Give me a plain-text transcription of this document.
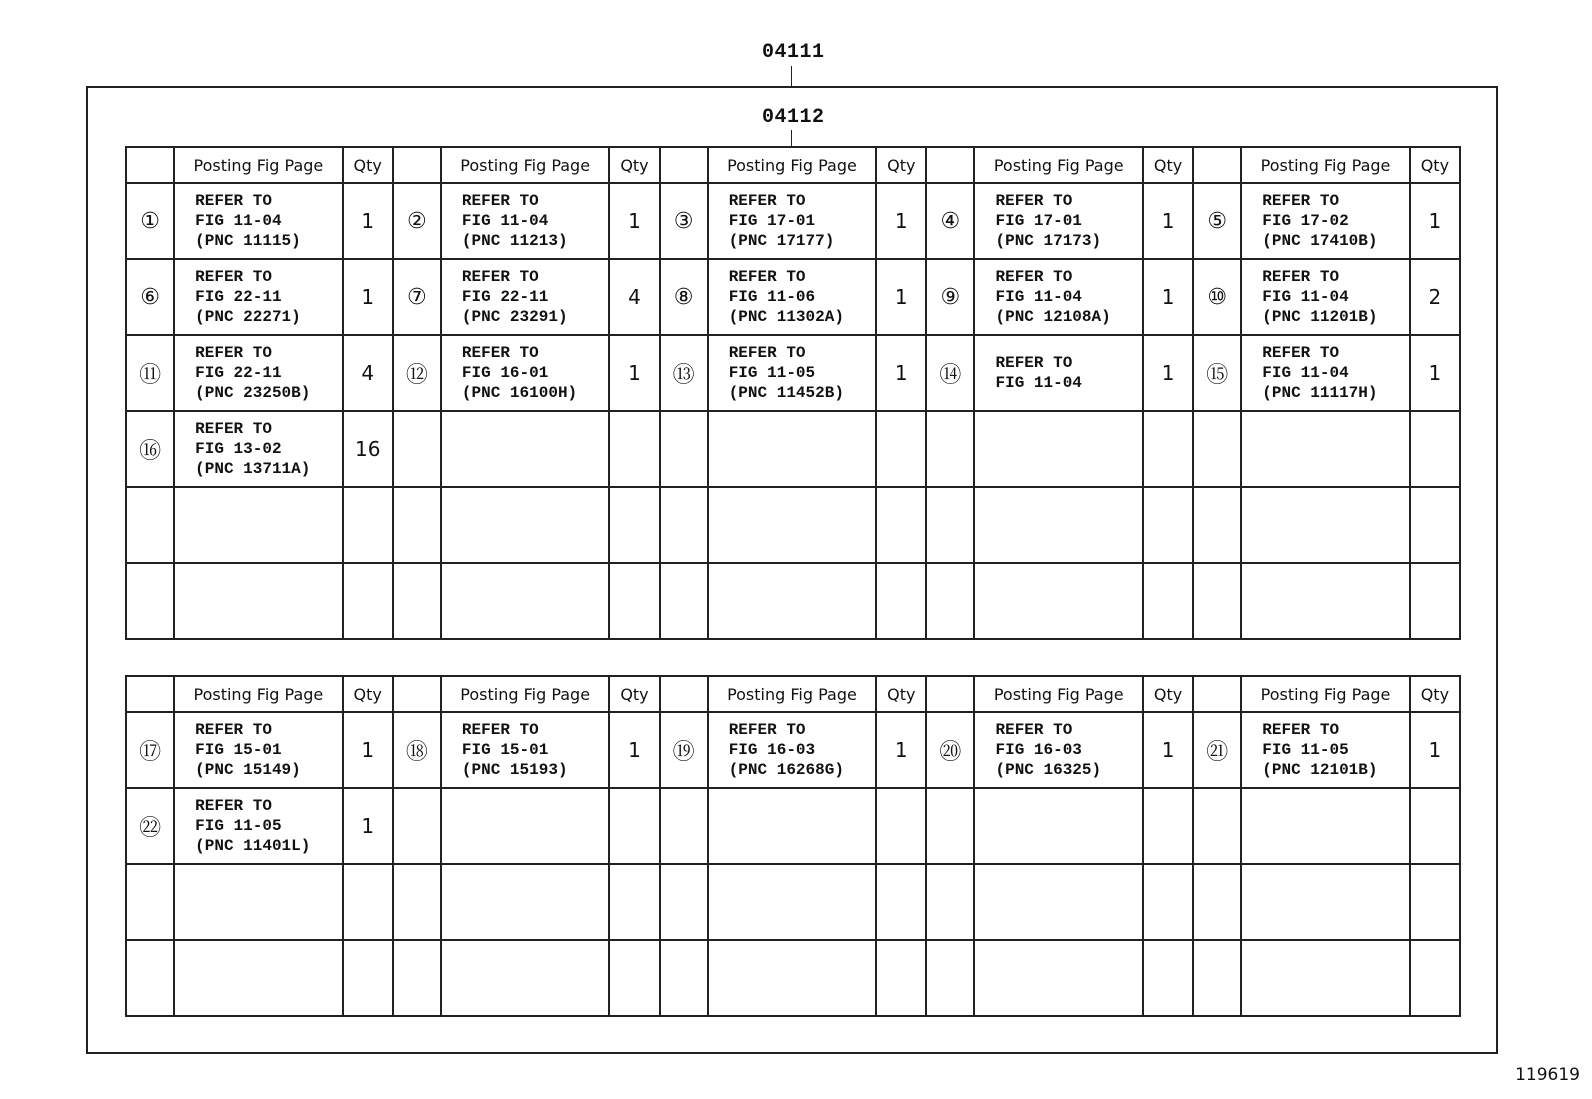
04111
04112
	Posting Fig Page	Qty		Posting Fig Page	Qty		Posting Fig Page	Qty		Posting Fig Page	Qty		Posting Fig Page	Qty
①	REFER TO
FIG 11-04
(PNC 11115)	1	②	REFER TO
FIG 11-04
(PNC 11213)	1	③	REFER TO
FIG 17-01
(PNC 17177)	1	④	REFER TO
FIG 17-01
(PNC 17173)	1	⑤	REFER TO
FIG 17-02
(PNC 17410B)	1
⑥	REFER TO
FIG 22-11
(PNC 22271)	1	⑦	REFER TO
FIG 22-11
(PNC 23291)	4	⑧	REFER TO
FIG 11-06
(PNC 11302A)	1	⑨	REFER TO
FIG 11-04
(PNC 12108A)	1	⑩	REFER TO
FIG 11-04
(PNC 11201B)	2
⑪	REFER TO
FIG 22-11
(PNC 23250B)	4	⑫	REFER TO
FIG 16-01
(PNC 16100H)	1	⑬	REFER TO
FIG 11-05
(PNC 11452B)	1	⑭	REFER TO
FIG 11-04	1	⑮	REFER TO
FIG 11-04
(PNC 11117H)	1
⑯	REFER TO
FIG 13-02
(PNC 13711A)	16												

	Posting Fig Page	Qty		Posting Fig Page	Qty		Posting Fig Page	Qty		Posting Fig Page	Qty		Posting Fig Page	Qty
⑰	REFER TO
FIG 15-01
(PNC 15149)	1	⑱	REFER TO
FIG 15-01
(PNC 15193)	1	⑲	REFER TO
FIG 16-03
(PNC 16268G)	1	⑳	REFER TO
FIG 16-03
(PNC 16325)	1	㉑	REFER TO
FIG 11-05
(PNC 12101B)	1
㉒	REFER TO
FIG 11-05
(PNC 11401L)	1												

119619
